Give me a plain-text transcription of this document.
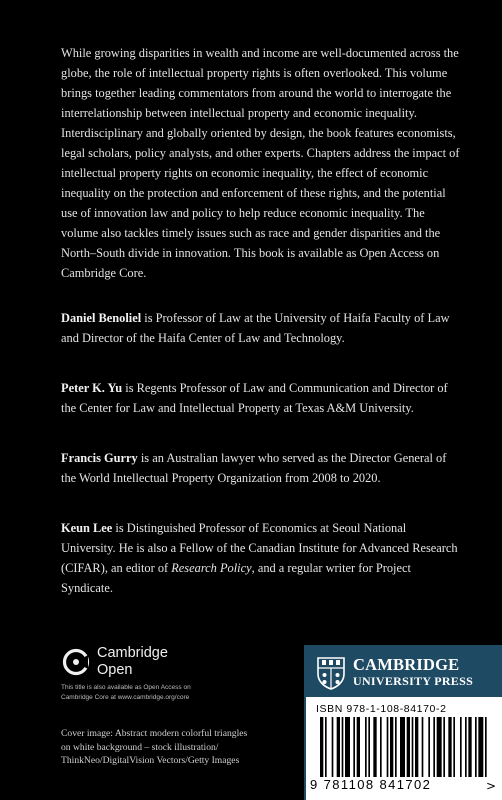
While growing disparities in wealth and income are well-documented across the globe, the role of intellectual property rights is often overlooked. This volume brings together leading commentators from around the world to interrogate the interrelationship between intellectual property and economic inequality. Interdisciplinary and globally oriented by design, the book features economists, legal scholars, policy analysts, and other experts. Chapters address the impact of intellectual property rights on economic inequality, the effect of economic inequality on the protection and enforcement of these rights, and the potential use of innovation law and policy to help reduce economic inequality. The volume also tackles timely issues such as race and gender disparities and the North–South divide in innovation. This book is available as Open Access on Cambridge Core.

Daniel Benoliel is Professor of Law at the University of Haifa Faculty of Law and Director of the Haifa Center of Law and Technology.

Peter K. Yu is Regents Professor of Law and Communication and Director of the Center for Law and Intellectual Property at Texas A&M University.

Francis Gurry is an Australian lawyer who served as the Director General of the World Intellectual Property Organization from 2008 to 2020.

Keun Lee is Distinguished Professor of Economics at Seoul National University. He is also a Fellow of the Canadian Institute for Advanced Research (CIFAR), an editor of Research Policy, and a regular writer for Project Syndicate.

Cambridge
Open
This title is also available as Open Access on
Cambridge Core at www.cambridge.org/core
Cover image: Abstract modern colorful triangles
on white background – stock illustration/
ThinkNeo/DigitalVision Vectors/Getty Images
CAMBRIDGE
UNIVERSITY PRESS
ISBN 978-1-108-84170-2
9 781108 841702	>
